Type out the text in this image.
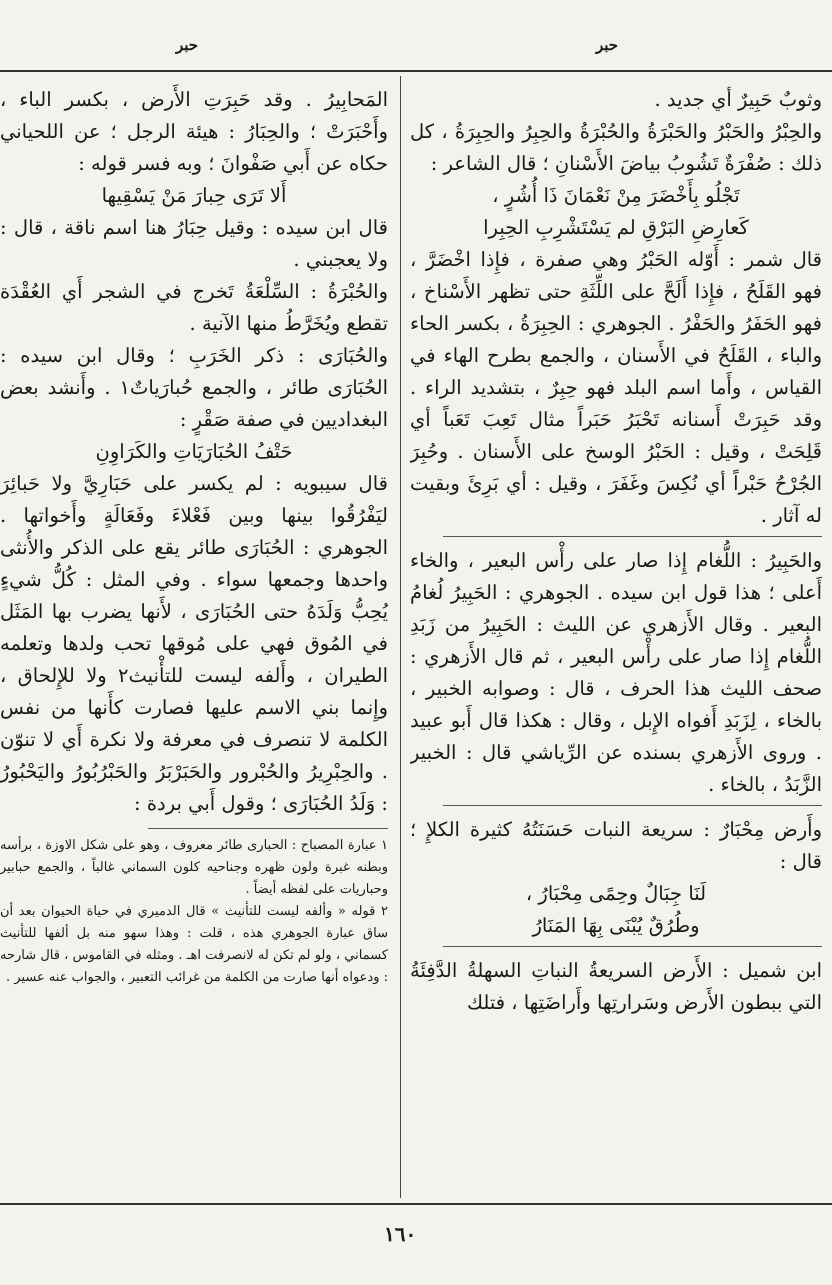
حبر
حبر

وثوبٌ حَبِيرٌ أي جديد .

والحِبْرُ والحَبْرُ والحَبْرَةُ والحُبْرَةُ والحِبِرُ والحِبِرَةُ ، كل ذلك : صُفْرَةٌ تَشُوبُ بياضَ الأَسْنانِ ؛ قال الشاعر :

تَجْلُو بِأَخْضَرَ مِنْ نَعْمَانَ ذَا أُشُرٍ ،
كَعارِضِ البَرْقِ لم يَسْتَشْرِبِ الحِبِرا

قال شمر : أَوّله الحَبْرُ وهي صفرة ، فإِذا اخْضَرَّ ، فهو القَلَحُ ، فإِذا أَلَحَّ على اللِّثَةِ حتى تظهر الأَسْناخ ، فهو الحَفَرُ والحَفْرُ . الجوهري : الحِبِرَةُ ، بكسر الحاء والباء ، القَلَحُ في الأَسنان ، والجمع بطرح الهاء في القياس ، وأَما اسم البلد فهو حِبِرٌ ، بتشديد الراء . وقد حَبِرَتْ أَسنانه تَحْبَرُ حَبَراً مثال تَعِبَ تَعَباً أي قَلِحَتْ ، وقيل : الحَبْرُ الوسخ على الأَسنان . وحُبِرَ الجُرْحُ حَبْراً أي نُكِسَ وغَفَرَ ، وقيل : أي بَرِئَ وبقيت له آثار .

والحَبِيرُ : اللُّغام إِذا صار على رأْس البعير ، والخاء أَعلى ؛ هذا قول ابن سيده . الجوهري : الحَبِيرُ لُغامُ البعير . وقال الأَزهري عن الليث : الحَبِيرُ من زَبَدِ اللُّغام إِذا صار على رأْس البعير ، ثم قال الأَزهري : صحف الليث هذا الحرف ، قال : وصوابه الخبير ، بالخاء ، لِزَبَدِ أَفواه الإِبل ، وقال : هكذا قال أَبو عبيد . وروى الأَزهري بسنده عن الرِّياشي قال : الخبير الزَّبَدُ ، بالخاء .

وأَرض مِحْبَارٌ : سريعة النبات حَسَنَتُهُ كثيرة الكلإِ ؛ قال :

لَنَا جِبَالٌ وحِمًى مِحْبَارُ ،
وطُرُقٌ يُبْنَى بِهَا المَنَارُ

ابن شميل : الأَرض السريعةُ النباتِ السهلةُ الدَّفِئَةُ التي ببطون الأَرض وسَرارتِها وأَراضَتِها ، فتلك

المَحابِيرُ . وقد حَبِرَتِ الأَرض ، بكسر الباء ، وأَحْبَرَتْ ؛ والحِبَارُ : هيئة الرجل ؛ عن اللحياني حكاه عن أَبي صَفْوانَ ؛ وبه فسر قوله :

أَلا تَرَى حِبارَ مَنْ يَسْقِيها

قال ابن سيده : وقيل حِبَارُ هنا اسم ناقة ، قال : ولا يعجبني .

والحُبْرَةُ : السِّلْعَةُ تَخرج في الشجر أَي العُقْدَة تقطع ويُخَرَّطُ منها الآنية .

والحُبَارَى : ذكر الخَرَبِ ؛ وقال ابن سيده : الحُبَارَى طائر ، والجمع حُبارَياتٌ١ . وأَنشد بعض البغداديين في صفة صَقْرٍ :

حَتْفُ الحُبَارَيَاتِ والكَرَاوِنِ

قال سيبويه : لم يكسر على حَبَارِيَّ ولا حَبائِرَ ليَفْرُقُوا بينها وبين فَعْلاءَ وفَعَالَةٍ وأَخواتها . الجوهري : الحُبَارَى طائر يقع على الذكر والأُنثى واحدها وجمعها سواء . وفي المثل : كُلُّ شيءٍ يُحِبُّ وَلَدَهُ حتى الحُبَارَى ، لأَنها يضرب بها المَثَل في المُوق فهي على مُوقها تحب ولدها وتعلمه الطيران ، وأَلفه ليست للتأْنيث٢ ولا للإِلحاق ، وإِنما بني الاسم عليها فصارت كأَنها من نفس الكلمة لا تنصرف في معرفة ولا نكرة أَي لا تنوّن . والحِبْرِيرُ والحُبْرور والحَبَرْبَرُ والحَبْرُبُورُ واليَحْبُورُ : وَلَدُ الحُبَارَى ؛ وقول أَبي بردة :

١ عبارة المصباح : الحبارى طائر معروف ، وهو على شكل الاوزة ، برأسه وبطنه غبرة ولون ظهره وجناحيه كلون السماني غالباً ، والجمع حبابير وحباريات على لفظه أيضاً .

٢ قوله « وألفه ليست للتأنيث » قال الدميري في حياة الحيوان بعد أن ساق عبارة الجوهري هذه ، قلت : وهذا سهو منه بل ألفها للتأنيث كسماني ، ولو لم تكن له لانصرفت اهـ . ومثله في القاموس ، قال شارحه : ودعواه أنها صارت من الكلمة من غرائب التعبير ، والجواب عنه عسير .

١٦٠
